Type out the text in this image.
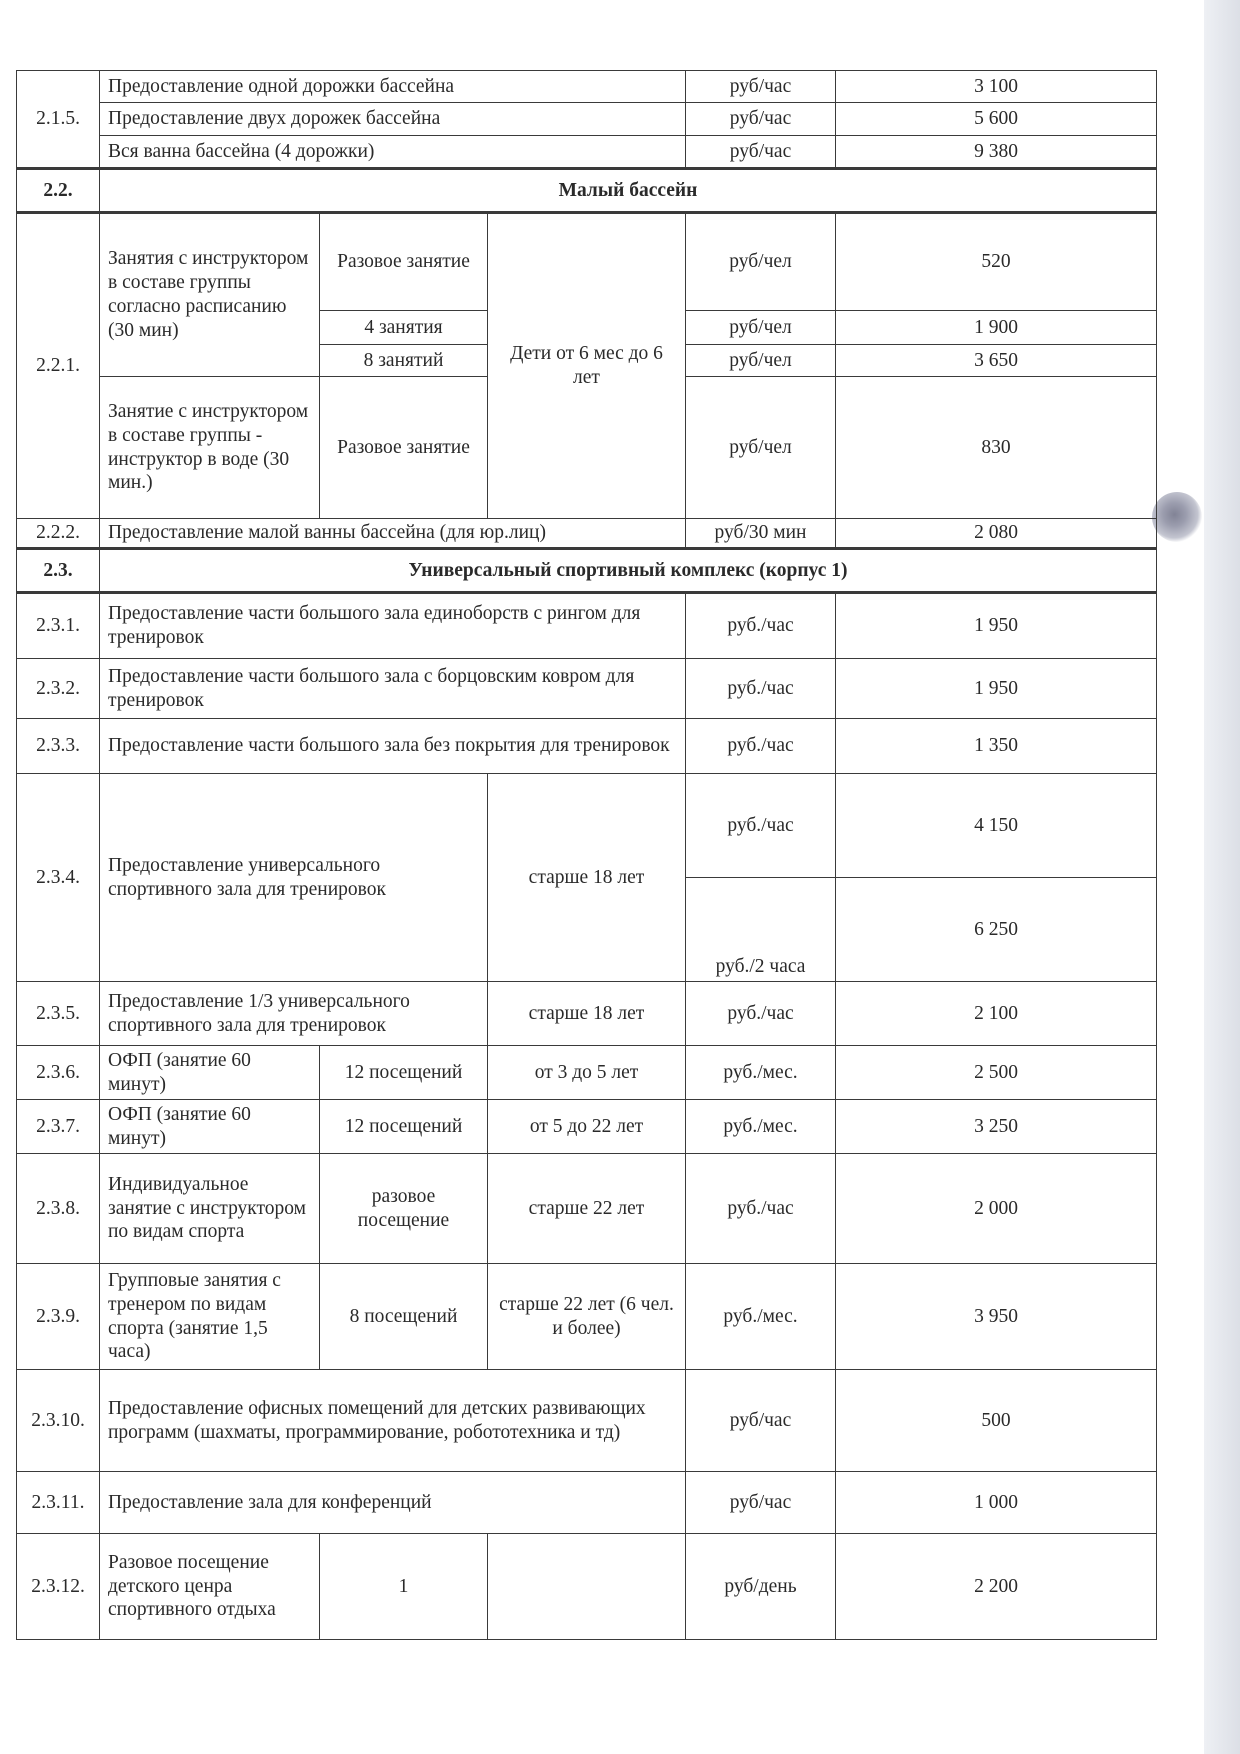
2.1.5.	Предоставление одной дорожки бассейна			руб/час	3 100
	Предоставление двух дорожек бассейна			руб/час	5 600
	Вся ванна бассейна (4 дорожки)			руб/час	9 380
2.2.	Малый бассейн				
2.2.1.	Занятия с инструктором в составе группы согласно расписанию (30 мин)	Разовое занятие	Дети от 6 мес до 6 лет	руб/чел	520
		4 занятия		руб/чел	1 900
		8 занятий		руб/чел	3 650
	Занятие с инструктором в составе группы - инструктор в воде (30 мин.)	Разовое занятие		руб/чел	830
2.2.2.	Предоставление малой ванны бассейна (для юр.лиц)			руб/30 мин	2 080
2.3.	Универсальный спортивный комплекс (корпус 1)				
2.3.1.	Предоставление части большого зала единоборств с рингом для тренировок			руб./час	1 950
2.3.2.	Предоставление части большого зала с борцовским ковром для тренировок			руб./час	1 950
2.3.3.	Предоставление части большого зала без покрытия для тренировок			руб./час	1 350
2.3.4.	Предоставление универсального спортивного зала для тренировок		старше 18 лет	руб./час	4 150
				руб./2 часа	6 250
2.3.5.	Предоставление 1/3 универсального спортивного зала для тренировок		старше 18 лет	руб./час	2 100
2.3.6.	ОФП (занятие 60 минут)	12 посещений	от 3 до 5 лет	руб./мес.	2 500
2.3.7.	ОФП (занятие 60 минут)	12 посещений	от 5 до 22 лет	руб./мес.	3 250
2.3.8.	Индивидуальное занятие с инструктором по видам спорта	разовое посещение	старше 22 лет	руб./час	2 000
2.3.9.	Групповые занятия с тренером по видам спорта (занятие 1,5 часа)	8 посещений	старше 22 лет (6 чел. и более)	руб./мес.	3 950
2.3.10.	Предоставление офисных помещений для детских развивающих программ (шахматы, программирование, робототехника и тд)			руб/час	500
2.3.11.	Предоставление зала для конференций			руб/час	1 000
2.3.12.	Разовое посещение детского ценра спортивного отдыха	1		руб/день	2 200
